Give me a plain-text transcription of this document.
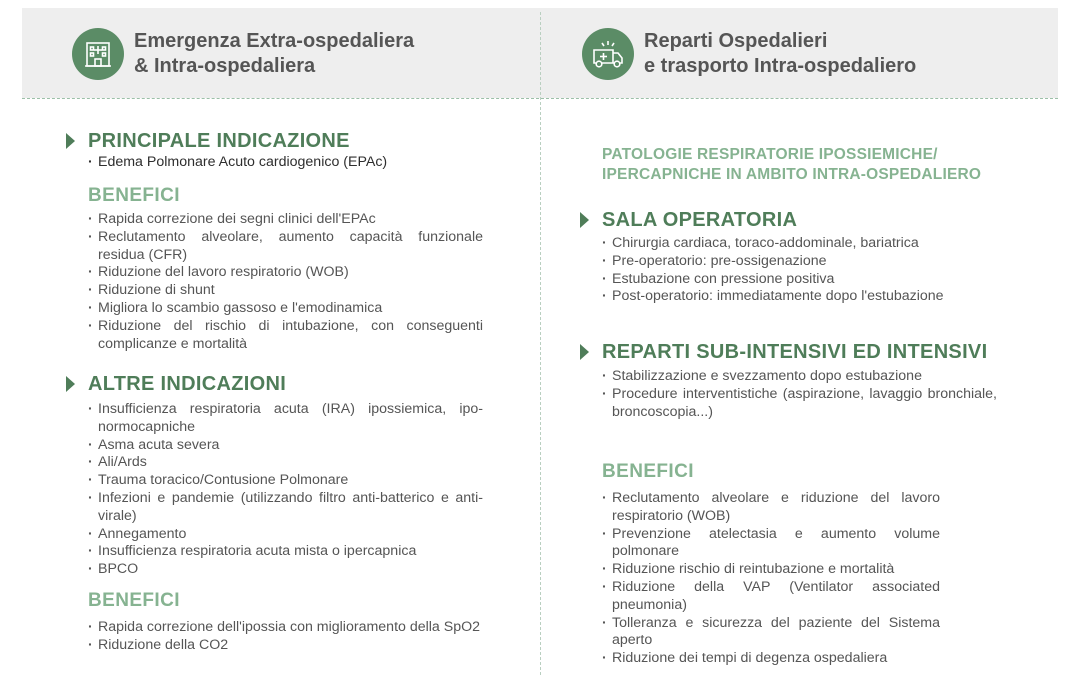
Emergenza Extra-ospedaliera
& Intra-ospedaliera
Reparti Ospedalieri
e trasporto Intra-ospedaliero
PRINCIPALE INDICAZIONE
· Edema Polmonare Acuto cardiogenico (EPAc)
BENEFICI
· Rapida correzione dei segni clinici dell'EPAc
· Reclutamento alveolare, aumento capacità funzionale residua (CFR)
· Riduzione del lavoro respiratorio (WOB)
· Riduzione di shunt
· Migliora lo scambio gassoso e l'emodinamica
· Riduzione del rischio di intubazione, con conseguenti complicanze e mortalità
ALTRE INDICAZIONI
· Insufficienza respiratoria acuta (IRA) ipossiemica, ipo-normocapniche
· Asma acuta severa
· Ali/Ards
· Trauma toracico/Contusione Polmonare
· Infezioni e pandemie (utilizzando filtro anti-batterico e anti-virale)
· Annegamento
· Insufficienza respiratoria acuta mista o ipercapnica
· BPCO
BENEFICI
· Rapida correzione dell'ipossia con miglioramento della SpO2
· Riduzione della CO2
PATOLOGIE RESPIRATORIE IPOSSIEMICHE/
IPERCAPNICHE IN AMBITO INTRA-OSPEDALIERO
SALA OPERATORIA
· Chirurgia cardiaca, toraco-addominale, bariatrica
· Pre-operatorio: pre-ossigenazione
· Estubazione con pressione positiva
· Post-operatorio: immediatamente dopo l'estubazione
REPARTI SUB-INTENSIVI ED INTENSIVI
· Stabilizzazione e svezzamento dopo estubazione
· Procedure interventistiche (aspirazione, lavaggio bronchiale, broncoscopia...)
BENEFICI
· Reclutamento alveolare e riduzione del lavoro respiratorio (WOB)
· Prevenzione atelectasia e aumento volume polmonare
· Riduzione rischio di reintubazione e mortalità
· Riduzione della VAP (Ventilator associated pneumonia)
· Tolleranza e sicurezza del paziente del Sistema aperto
· Riduzione dei tempi di degenza ospedaliera
